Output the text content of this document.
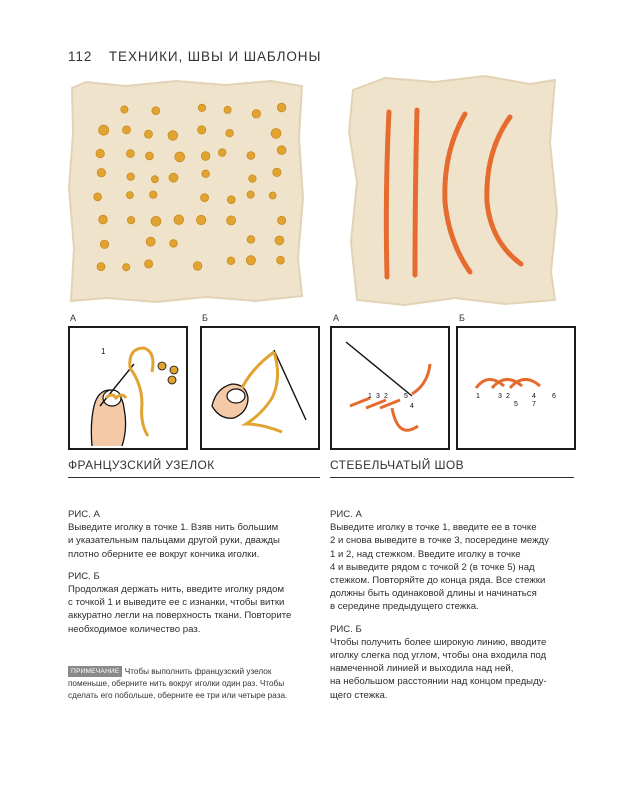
112 ТЕХНИКИ, ШВЫ И ШАБЛОНЫ
А	Б	А	Б
1
1 3 2 5
4
1	3 2	4 6
5 7
ФРАНЦУЗСКИЙ УЗЕЛОК	СТЕБЕЛЬЧАТЫЙ ШОВ

РИС. А

Выведите иголку в точке 1. Взяв нить большим

и указательным пальцами другой руки, дважды

плотно оберните ее вокруг кончика иголки.

РИС. Б

Продолжая держать нить, введите иголку рядом

с точкой 1 и выведите ее с изнанки, чтобы витки

аккуратно легли на поверхность ткани. Повторите

необходимое количество раз.

ПРИМЕЧАНИЕ Чтобы выполнить французский узелок
поменьше, оберните нить вокруг иголки один раз. Чтобы
сделать его побольше, оберните ее три или четыре раза.

РИС. А

Выведите иголку в точке 1, введите ее в точке

2 и снова выведите в точке 3, посередине между

1 и 2, над стежком. Введите иголку в точке

4 и выведите рядом с точкой 2 (в точке 5) над

стежком. Повторяйте до конца ряда. Все стежки

должны быть одинаковой длины и начинаться

в середине предыдущего стежка.

РИС. Б

Чтобы получить более широкую линию, вводите

иголку слегка под углом, чтобы она входила под

намеченной линией и выходила над ней,

на небольшом расстоянии над концом предыду-

щего стежка.
